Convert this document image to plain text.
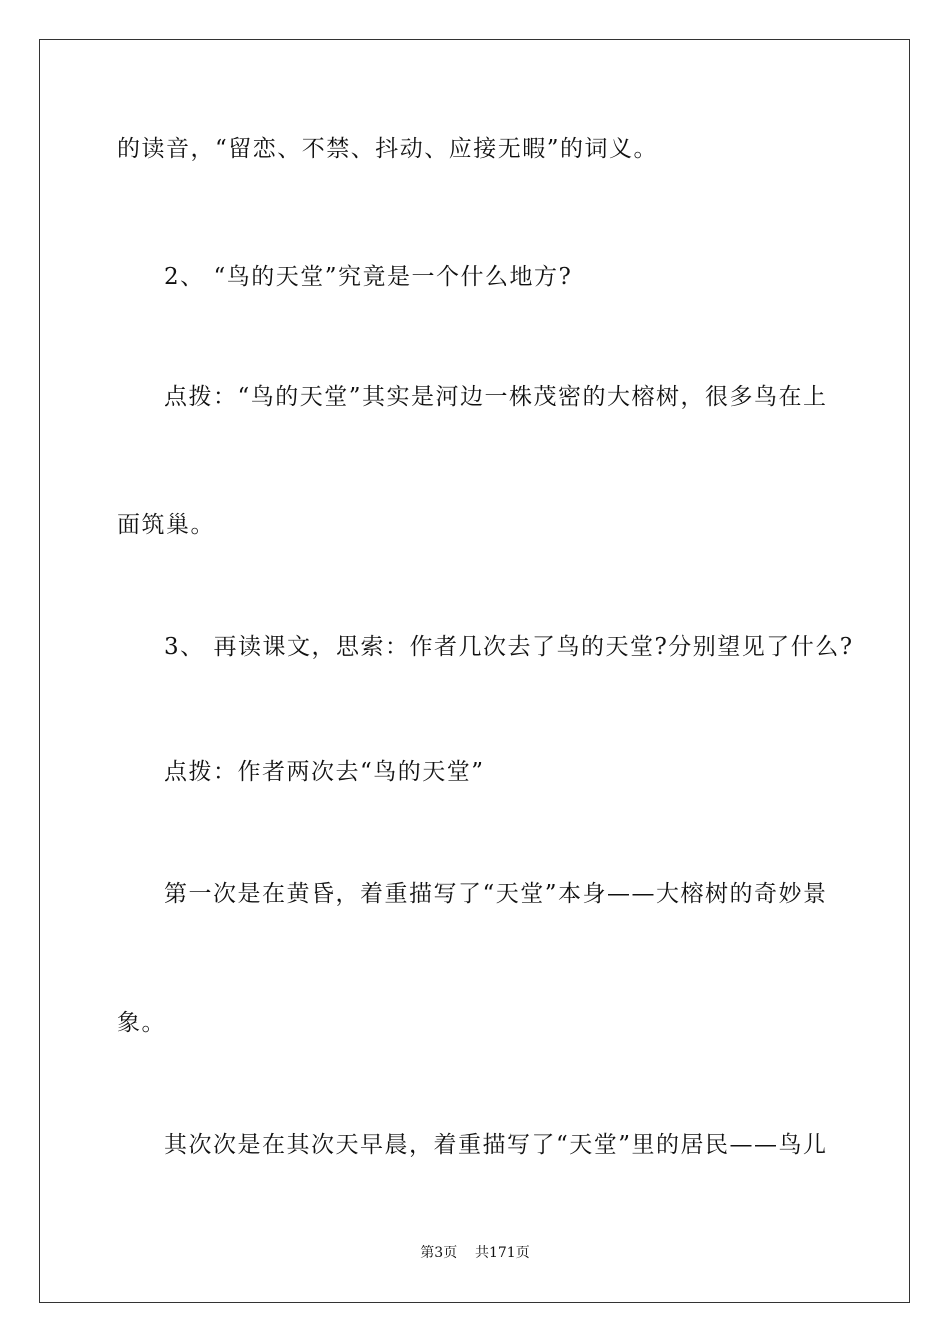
的读音，“留恋、不禁、抖动、应接无暇”的词义。
2、 “鸟的天堂”究竟是一个什么地方?
点拨：“鸟的天堂”其实是河边一株茂密的大榕树，很多鸟在上
面筑巢。
3、 再读课文，思索：作者几次去了鸟的天堂?分别望见了什么?
点拨：作者两次去“鸟的天堂”
第一次是在黄昏，着重描写了“天堂”本身——大榕树的奇妙景
象。
其次次是在其次天早晨，着重描写了“天堂”里的居民——鸟儿
第3页    共171页
